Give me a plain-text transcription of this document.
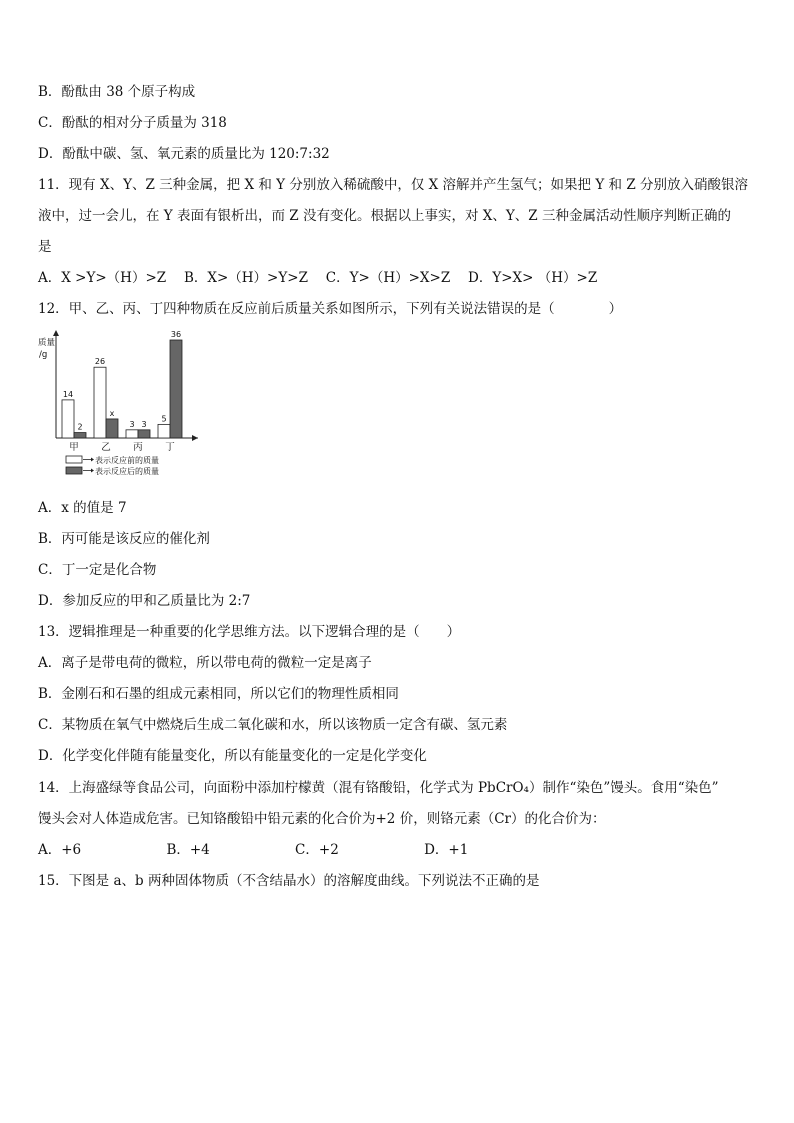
B．酚酞由 38 个原子构成
C．酚酞的相对分子质量为 318
D．酚酞中碳、氢、氧元素的质量比为 120:7:32
11．现有 X、Y、Z 三种金属，把 X 和 Y 分别放入稀硫酸中，仅 X 溶解并产生氢气；如果把 Y 和 Z 分别放入硝酸银溶
液中，过一会儿，在 Y 表面有银析出，而 Z 没有变化。根据以上事实，对 X、Y、Z 三种金属活动性顺序判断正确的
是
A．X >Y>（H）>Z　 B．X>（H）>Y>Z　 C．Y>（H）>X>Z　 D．Y>X> （H）>Z
12．甲、乙、丙、丁四种物质在反应前后质量关系如图所示，下列有关说法错误的是（　　　　）
质量
/g
14
2
甲
26
x
乙
3 3
丙
5
36
丁
表示反应前的质量
表示反应后的质量
A．x 的值是 7
B．丙可能是该反应的催化剂
C．丁一定是化合物
D．参加反应的甲和乙质量比为 2:7
13．逻辑推理是一种重要的化学思维方法。以下逻辑合理的是（　　）
A．离子是带电荷的微粒，所以带电荷的微粒一定是离子
B．金刚石和石墨的组成元素相同，所以它们的物理性质相同
C．某物质在氧气中燃烧后生成二氧化碳和水，所以该物质一定含有碳、氢元素
D．化学变化伴随有能量变化，所以有能量变化的一定是化学变化
14．上海盛绿等食品公司，向面粉中添加柠檬黄（混有铬酸铅，化学式为 PbCrO₄）制作“染色”馒头。食用“染色”
馒头会对人体造成危害。已知铬酸铅中铅元素的化合价为+2 价，则铬元素（Cr）的化合价为：
A．+6　　　　　　 B．+4　　　　　　 C．+2　　　　　　 D．+1
15．下图是 a、b 两种固体物质（不含结晶水）的溶解度曲线。下列说法不正确的是
